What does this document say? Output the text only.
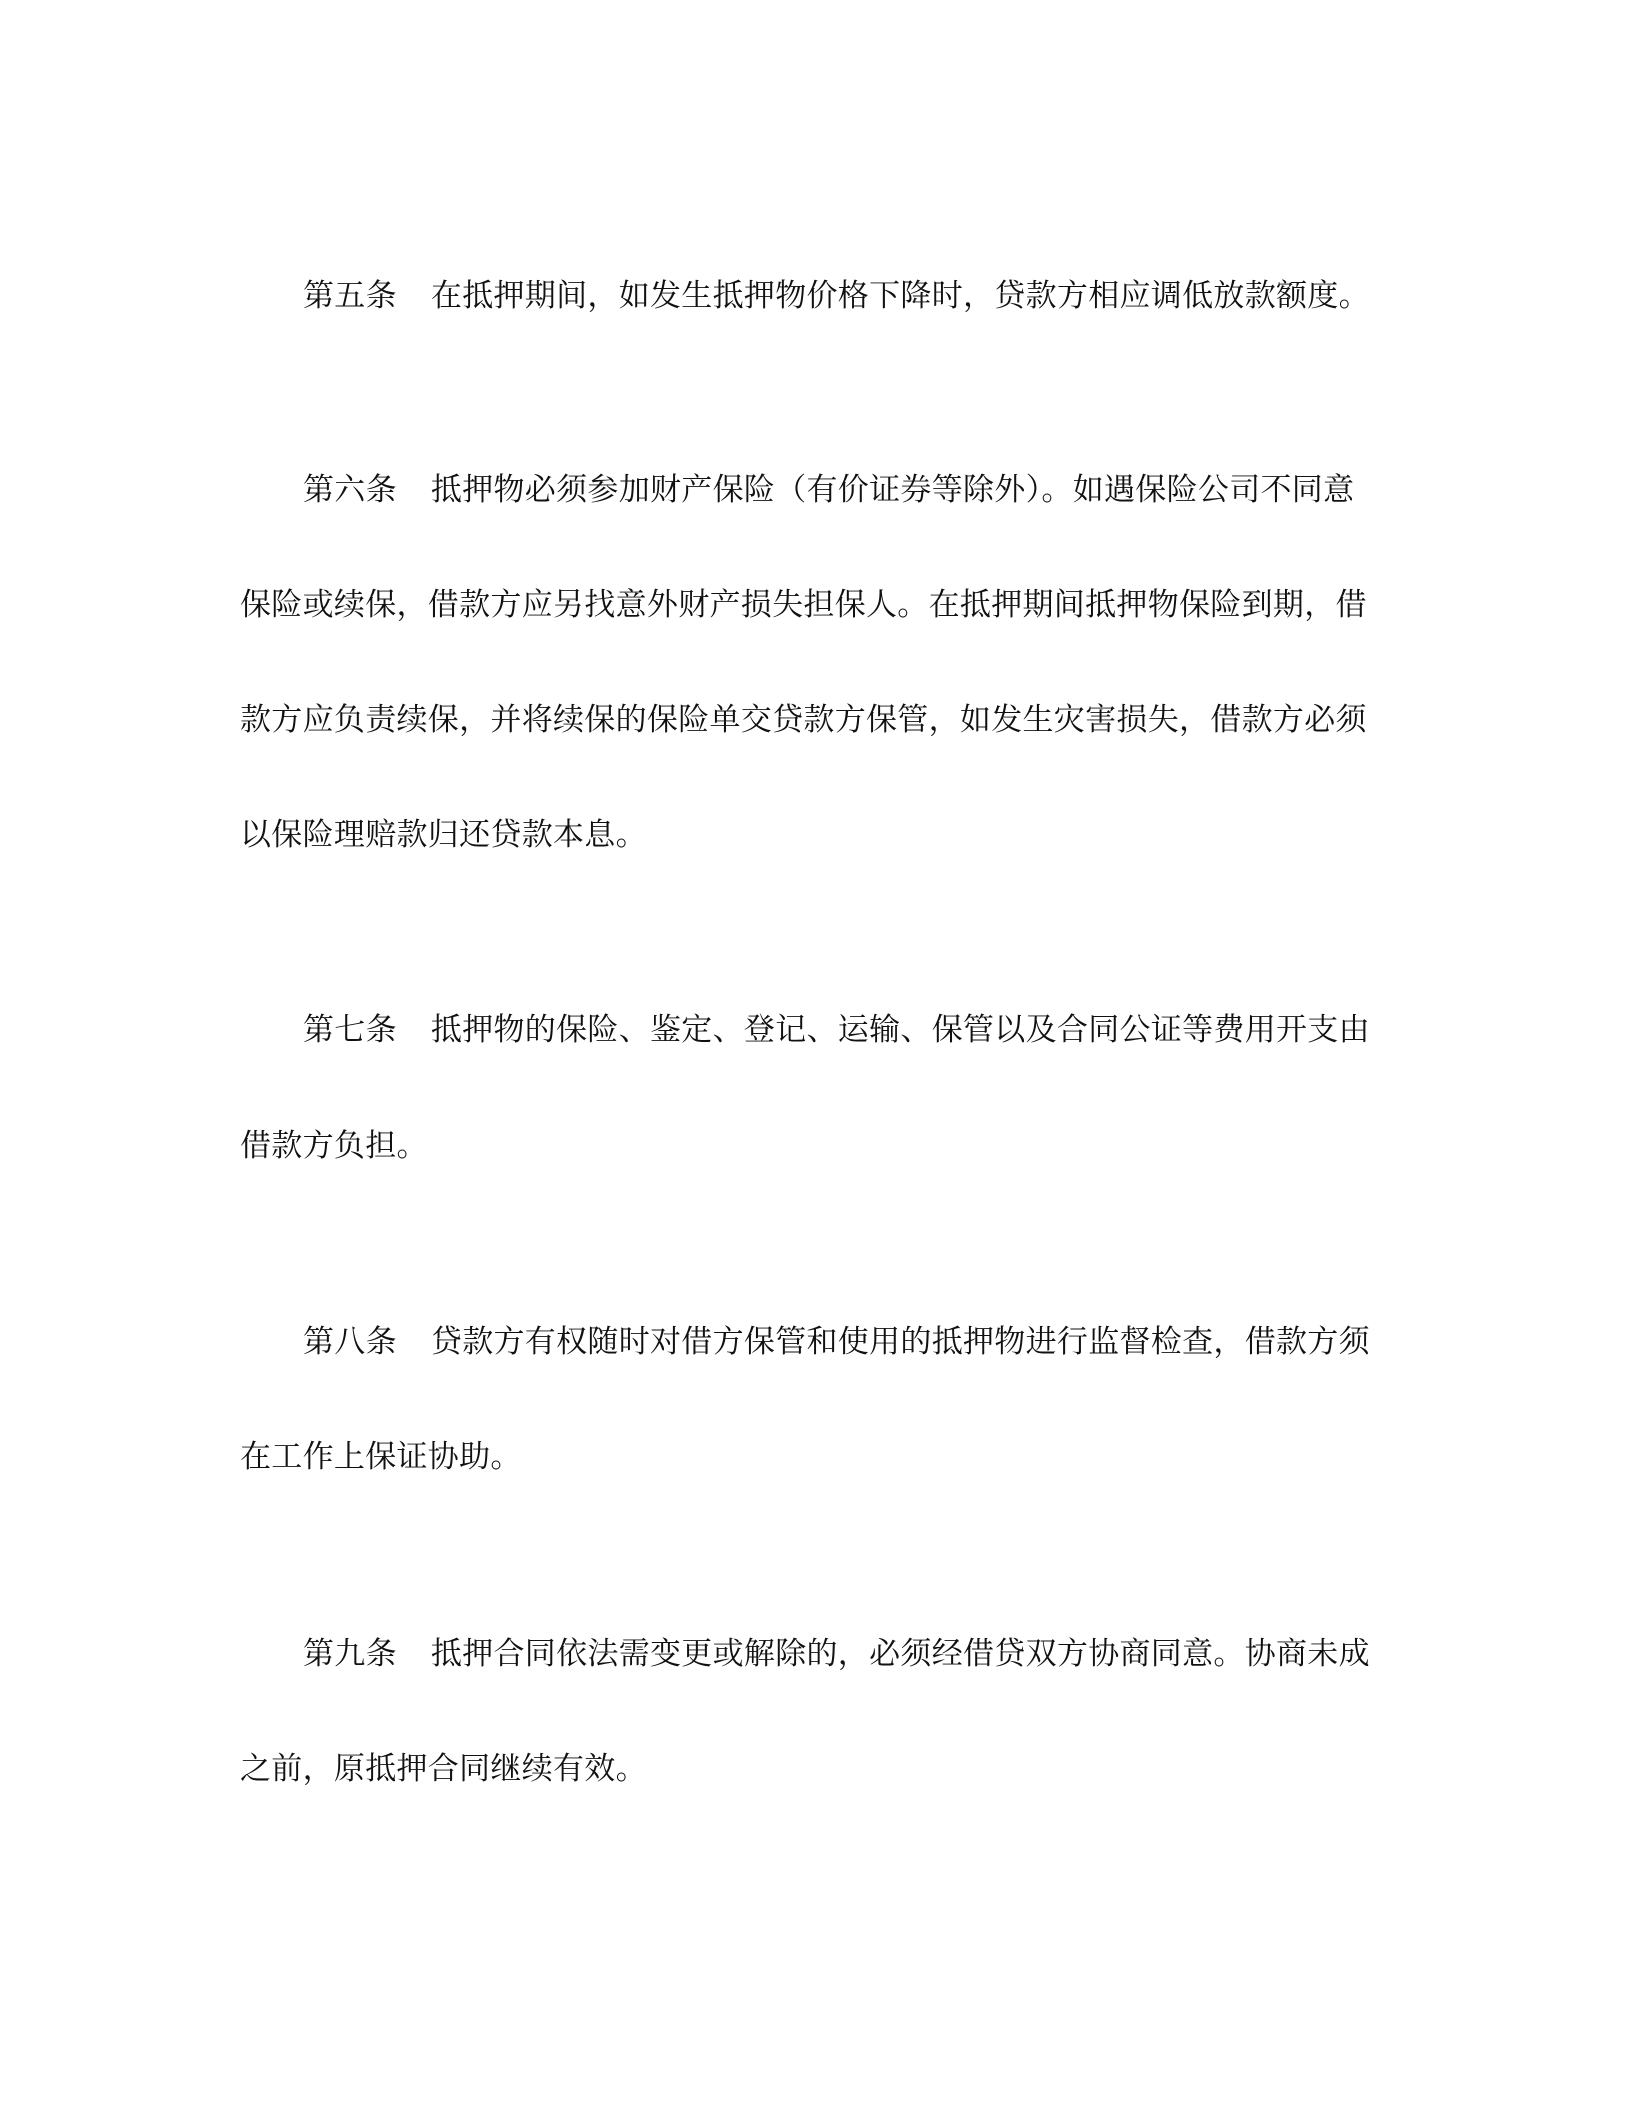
第五条 在抵押期间，如发生抵押物价格下降时，贷款方相应调低放款额度。
第六条 抵押物必须参加财产保险（有价证券等除外）。如遇保险公司不同意
保险或续保，借款方应另找意外财产损失担保人。在抵押期间抵押物保险到期，借
款方应负责续保，并将续保的保险单交贷款方保管，如发生灾害损失，借款方必须
以保险理赔款归还贷款本息。
第七条 抵押物的保险、鉴定、登记、运输、保管以及合同公证等费用开支由
借款方负担。
第八条 贷款方有权随时对借方保管和使用的抵押物进行监督检查，借款方须
在工作上保证协助。
第九条 抵押合同依法需变更或解除的，必须经借贷双方协商同意。协商未成
之前，原抵押合同继续有效。
